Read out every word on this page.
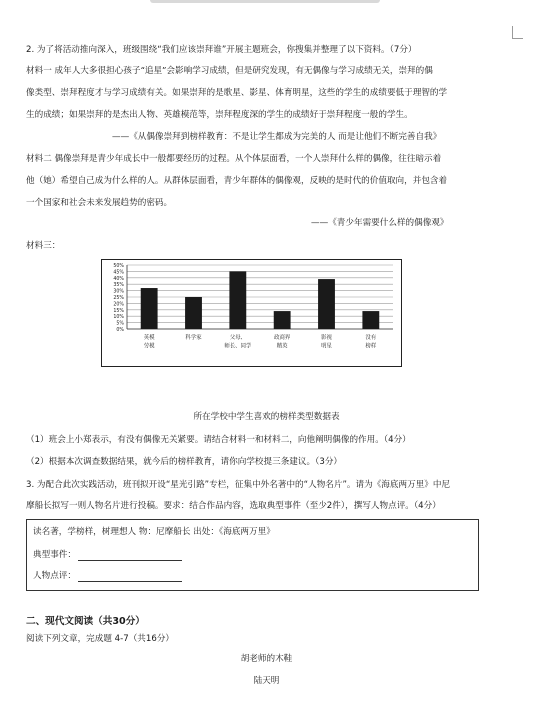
2. 为了将活动推向深入，班级围绕“我们应该崇拜谁”开展主题班会，你搜集并整理了以下资料。（7分）
材料一 成年人大多很担心孩子“追星”会影响学习成绩，但是研究发现，有无偶像与学习成绩无关，崇拜的偶
像类型、崇拜程度才与学习成绩有关。如果崇拜的是歌星、影星、体育明星，这些的学生的成绩要低于理智的学
生的成绩；如果崇拜的是杰出人物、英雄模范等，崇拜程度深的学生的成绩好于崇拜程度一般的学生。
——《从偶像崇拜到榜样教育：不是让学生都成为完美的人 而是让他们不断完善自我》
材料二 偶像崇拜是青少年成长中一般都要经历的过程。从个体层面看，一个人崇拜什么样的偶像，往往暗示着
他（她）希望自己成为什么样的人。从群体层面看，青少年群体的偶像观，反映的是时代的价值取向，并包含着
一个国家和社会未来发展趋势的密码。
——《青少年需要什么样的偶像观》
材料三：
0%
5%
10%
15%
20%
25%
30%
35%
40%
45%
50%
英模
劳模
科学家	父母、
师长、同学
政商界
精英
影视
明星
没有
榜样
所在学校中学生喜欢的榜样类型数据表
（1）班会上小郑表示，有没有偶像无关紧要。请结合材料一和材料二，向他阐明偶像的作用。（4分）
（2）根据本次调查数据结果，就今后的榜样教育，请你向学校提三条建议。（3分）
3. 为配合此次实践活动，班刊拟开设“星光引路”专栏，征集中外名著中的“人物名片”。请为《海底两万里》中尼
摩船长拟写一则人物名片进行投稿。要求：结合作品内容，选取典型事件（至少2件），撰写人物点评。（4分）
读名著，学榜样，树理想人 物：尼摩船长 出处：《海底两万里》
典型事件：
人物点评：
二、现代文阅读（共30分）
阅读下列文章，完成题 4-7（共16分）
胡老师的木鞋
陆天明
